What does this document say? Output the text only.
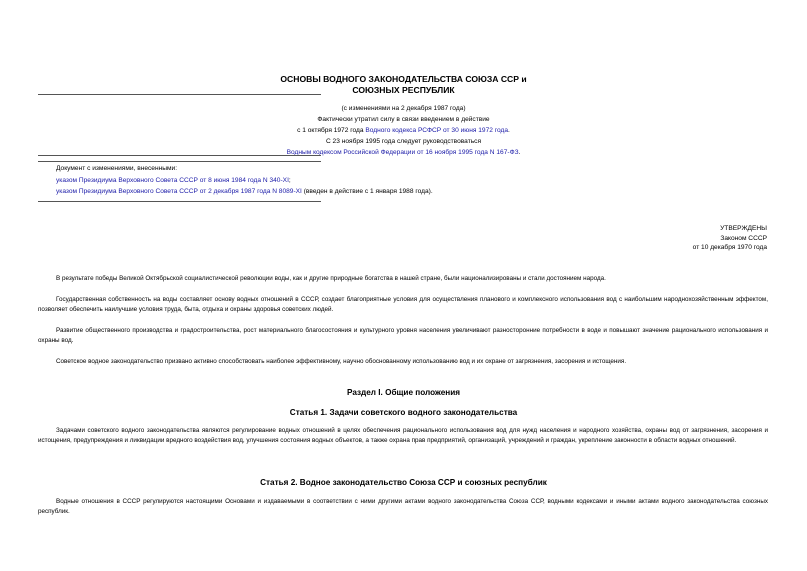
ОСНОВЫ ВОДНОГО ЗАКОНОДАТЕЛЬСТВА СОЮЗА ССР и
СОЮЗНЫХ РЕСПУБЛИК
(с изменениями на 2 декабря 1987 года)
Фактически утратил силу в связи введением в действие
с 1 октября 1972 года Водного кодекса РСФСР от 30 июня 1972 года.
С 23 ноября 1995 года следует руководствоваться
Водным кодексом Российской Федерации от 16 ноября 1995 года N 167-ФЗ.
Документ с изменениями, внесенными:
указом Президиума Верховного Совета СССР от 8 июня 1984 года N 340-XI;
указом Президиума Верховного Совета СССР от 2 декабря 1987 года N 8089-XI (введен в действие с 1 января 1988 года).
УТВЕРЖДЕНЫ
Законом СССР
от 10 декабря 1970 года
В результате победы Великой Октябрьской социалистической революции воды, как и другие природные богатства в нашей стране, были национализированы и стали достоянием народа.
Государственная собственность на воды составляет основу водных отношений в СССР, создает благоприятные условия для осуществления планового и комплексного использования вод с наибольшим народнохозяйственным эффектом, позволяет обеспечить наилучшие условия труда, быта, отдыха и охраны здоровья советских людей.
Развитие общественного производства и градостроительства, рост материального благосостояния и культурного уровня населения увеличивают разносторонние потребности в воде и повышают значение рационального использования и охраны вод.
Советское водное законодательство призвано активно способствовать наиболее эффективному, научно обоснованному использованию вод и их охране от загрязнения, засорения и истощения.
Раздел I. Общие положения
Статья 1. Задачи советского водного законодательства
Задачами советского водного законодательства являются регулирование водных отношений в целях обеспечения рационального использования вод для нужд населения и народного хозяйства, охраны вод от загрязнения, засорения и истощения, предупреждения и ликвидации вредного воздействия вод, улучшения состояния водных объектов, а также охрана прав предприятий, организаций, учреждений и граждан, укрепление законности в области водных отношений.
Статья 2. Водное законодательство Союза ССР и союзных республик
Водные отношения в СССР регулируются настоящими Основами и издаваемыми в соответствии с ними другими актами водного законодательства Союза ССР, водными кодексами и иными актами водного законодательства союзных республик.
